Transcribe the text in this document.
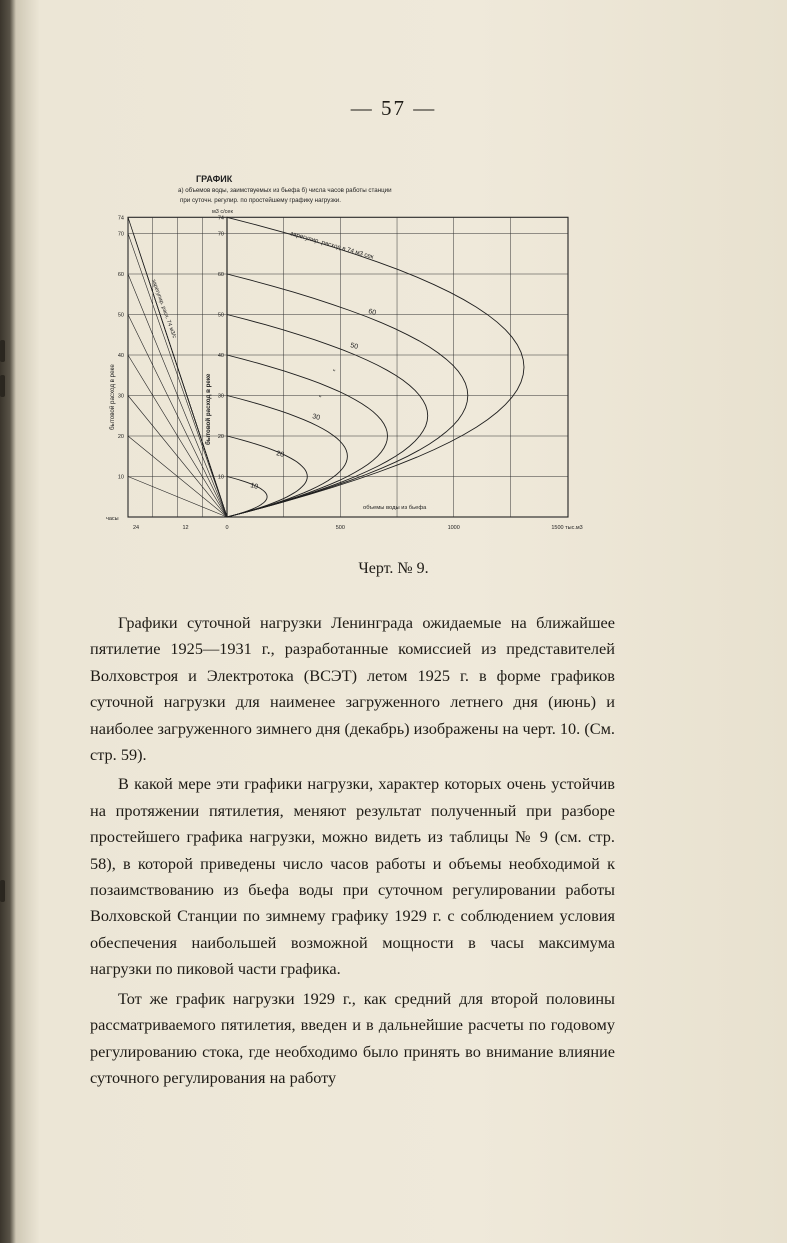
— 57 —
ГРАФИК
а) объемов воды, заимствуемых из бьефа б) числа часов работы станции
при суточн. регулир. по простейшему графику нагрузки.
м3 с/сек
74
70
60
50
40
30
20
10
74
70
60
50
40
30
20
10
24	12
часы
0	500	1000	1500 тыс.м3
объемы воды из бьефа
бытовой расход в реке	бытовой расход в реке
зарегулир. расход в 74 м3 сек
зарегулир. расх. 74 м3/с	60
50
"
"
30
20
10
Черт. № 9.

Графики суточной нагрузки Ленинграда ожидаемые на ближайшее пятилетие 1925—1931 г., разработанные комиссией из представителей Волховстроя и Электротока (ВСЭТ) летом 1925 г. в форме графиков суточной нагрузки для наименее загруженного летнего дня (июнь) и наиболее загруженного зимнего дня (декабрь) изображены на черт. 10. (См. стр. 59).

В какой мере эти графики нагрузки, характер которых очень устойчив на протяжении пятилетия, меняют результат полученный при разборе простейшего графика нагрузки, можно видеть из таблицы № 9 (см. стр. 58), в которой приведены число часов работы и объемы необходимой к позаимствованию из бьефа воды при суточном регулировании работы Волховской Станции по зимнему графику 1929 г. с соблюдением условия обеспечения наибольшей возможной мощности в часы максимума нагрузки по пиковой части графика.

Тот же график нагрузки 1929 г., как средний для второй половины рассматриваемого пятилетия, введен и в дальнейшие расчеты по годовому регулированию стока, где необходимо было принять во внимание влияние суточного регулирования на работу
